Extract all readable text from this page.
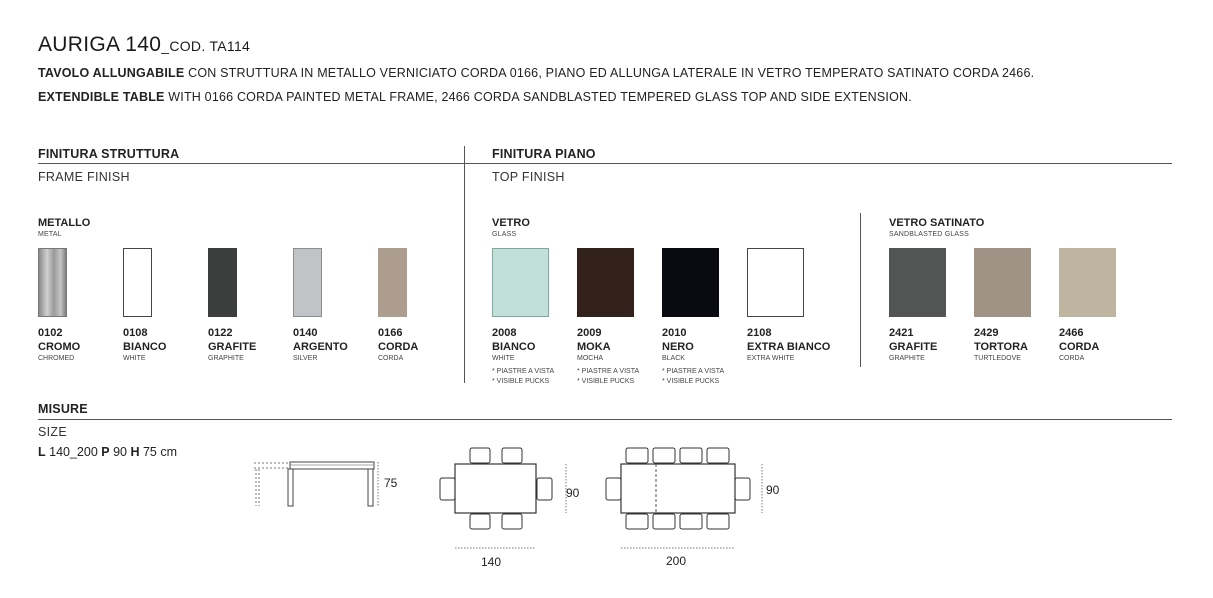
AURIGA 140_COD. TA114
TAVOLO ALLUNGABILE CON STRUTTURA IN METALLO VERNICIATO CORDA 0166, PIANO ED ALLUNGA LATERALE IN VETRO TEMPERATO SATINATO CORDA 2466.
EXTENDIBLE TABLE WITH 0166 CORDA PAINTED METAL FRAME, 2466 CORDA SANDBLASTED TEMPERED GLASS TOP AND SIDE EXTENSION.
FINITURA STRUTTURA
FRAME FINISH
METALLO
METAL
0102
CROMO
CHROMED
0108
BIANCO
WHITE
0122
GRAFITE
GRAPHITE
0140
ARGENTO
SILVER
0166
CORDA
CORDA
FINITURA PIANO
TOP FINISH
VETRO
GLASS
2008
BIANCO
WHITE
* PIASTRE A VISTA
* VISIBLE PUCKS
2009
MOKA
MOCHA
* PIASTRE A VISTA
* VISIBLE PUCKS
2010
NERO
BLACK
* PIASTRE A VISTA
* VISIBLE PUCKS
2108
EXTRA BIANCO
EXTRA WHITE
VETRO SATINATO
SANDBLASTED GLASS
2421
GRAFITE
GRAPHITE
2429
TORTORA
TURTLEDOVE
2466
CORDA
CORDA
MISURE
SIZE
L 140_200 P 90 H 75 cm
75
90
140
90
200
